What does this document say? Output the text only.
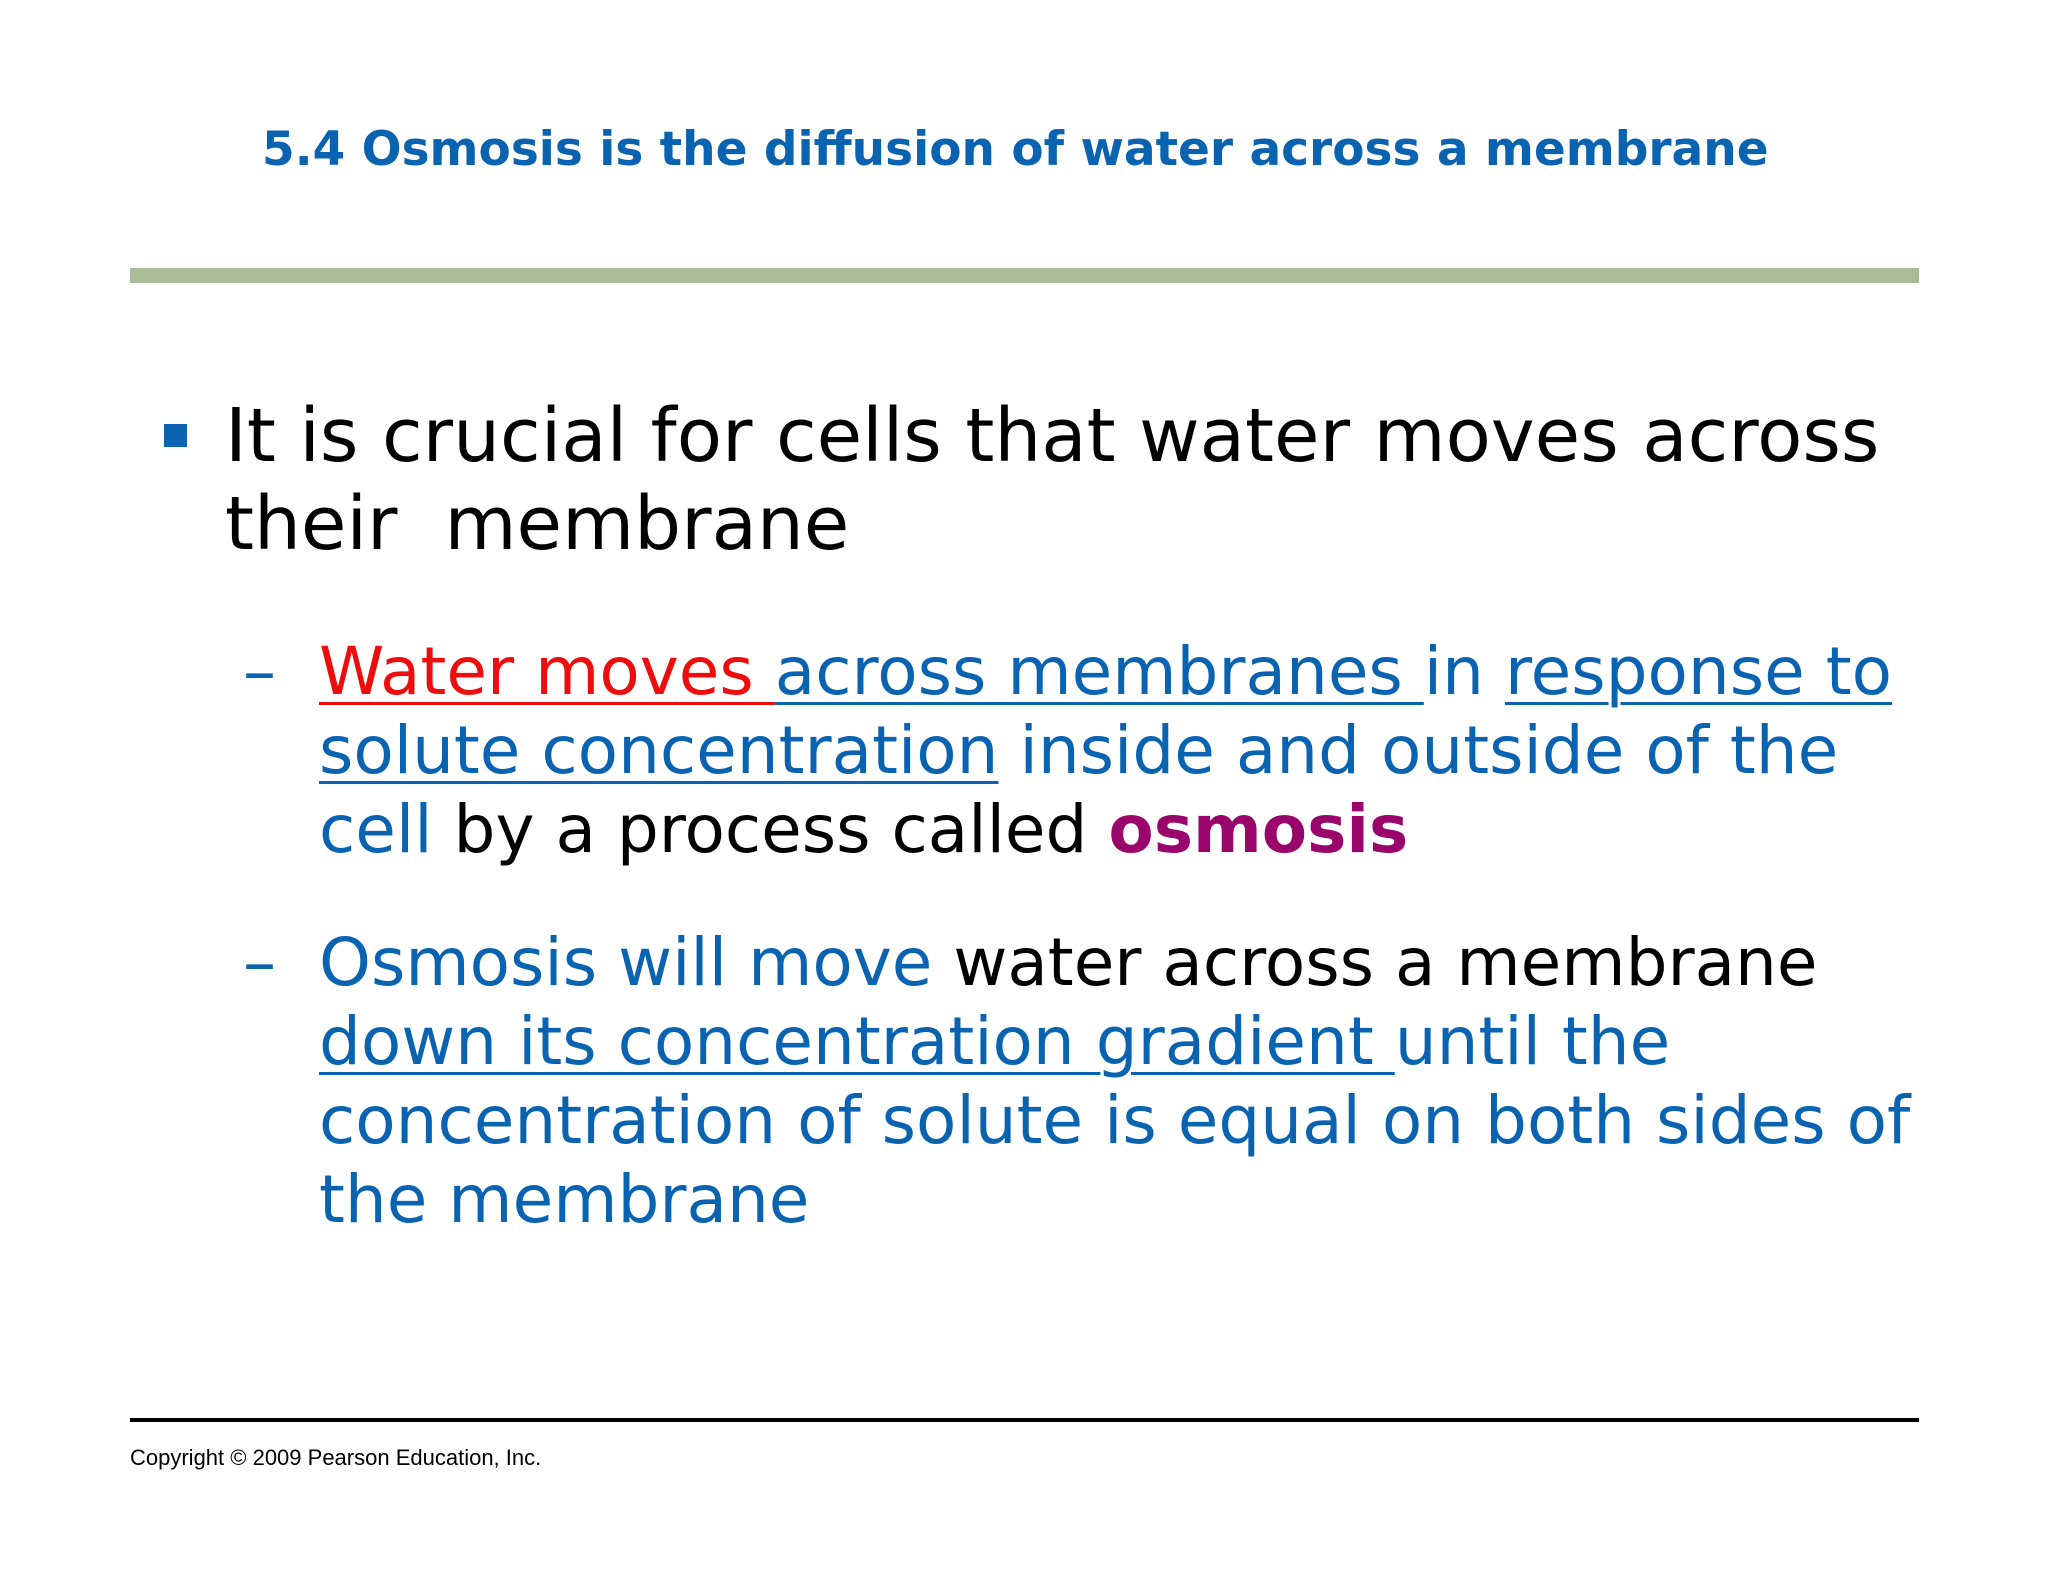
5.4 Osmosis is the diffusion of water across a membrane
It is crucial for cells that water moves across
their  membrane
– Water moves across membranes in response to
solute concentration inside and outside of the
cell by a process called osmosis
– Osmosis will move water across a membrane
down its concentration gradient until the
concentration of solute is equal on both sides of
the membrane
Copyright © 2009 Pearson Education, Inc.
